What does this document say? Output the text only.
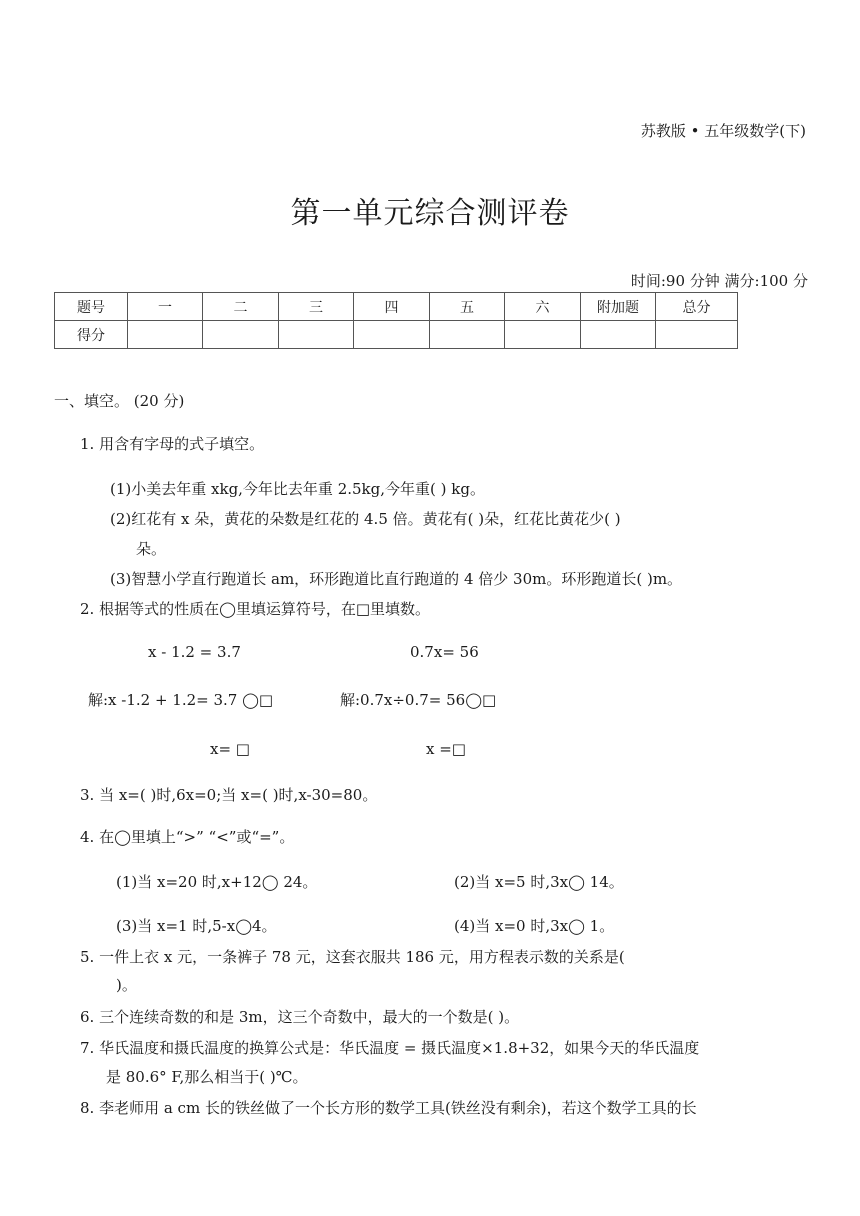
苏教版 • 五年级数学(下)
第一单元综合测评卷
时间:90 分钟 满分:100 分
题号	一	二	三	四	五	六	附加题	总分
得分								
一、填空。 (20 分)
1. 用含有字母的式子填空。
(1)小美去年重 xkg,今年比去年重 2.5kg,今年重( ) kg。
(2)红花有 x 朵，黄花的朵数是红花的 4.5 倍。黄花有( )朵，红花比黄花少( )
朵。
(3)智慧小学直行跑道长 am，环形跑道比直行跑道的 4 倍少 30m。环形跑道长( )m。
2. 根据等式的性质在◯里填运算符号，在□里填数。
x - 1.2 = 3.7	0.7x= 56
解:x -1.2 + 1.2= 3.7 ◯□	解:0.7x÷0.7= 56◯□
x= □	x =□
3. 当 x=( )时,6x=0;当 x=( )时,x-30=80。
4. 在◯里填上“>” “<”或“=”。
(1)当 x=20 时,x+12◯ 24。	(2)当 x=5 时,3x◯ 14。
(3)当 x=1 时,5-x◯4。	(4)当 x=0 时,3x◯ 1。
5. 一件上衣 x 元，一条裤子 78 元，这套衣服共 186 元，用方程表示数的关系是(
)。
6. 三个连续奇数的和是 3m，这三个奇数中，最大的一个数是( )。
7. 华氏温度和摄氏温度的换算公式是：华氏温度 = 摄氏温度×1.8+32，如果今天的华氏温度
是 80.6° F,那么相当于( )℃。
8. 李老师用 a cm 长的铁丝做了一个长方形的数学工具(铁丝没有剩余)，若这个数学工具的长
